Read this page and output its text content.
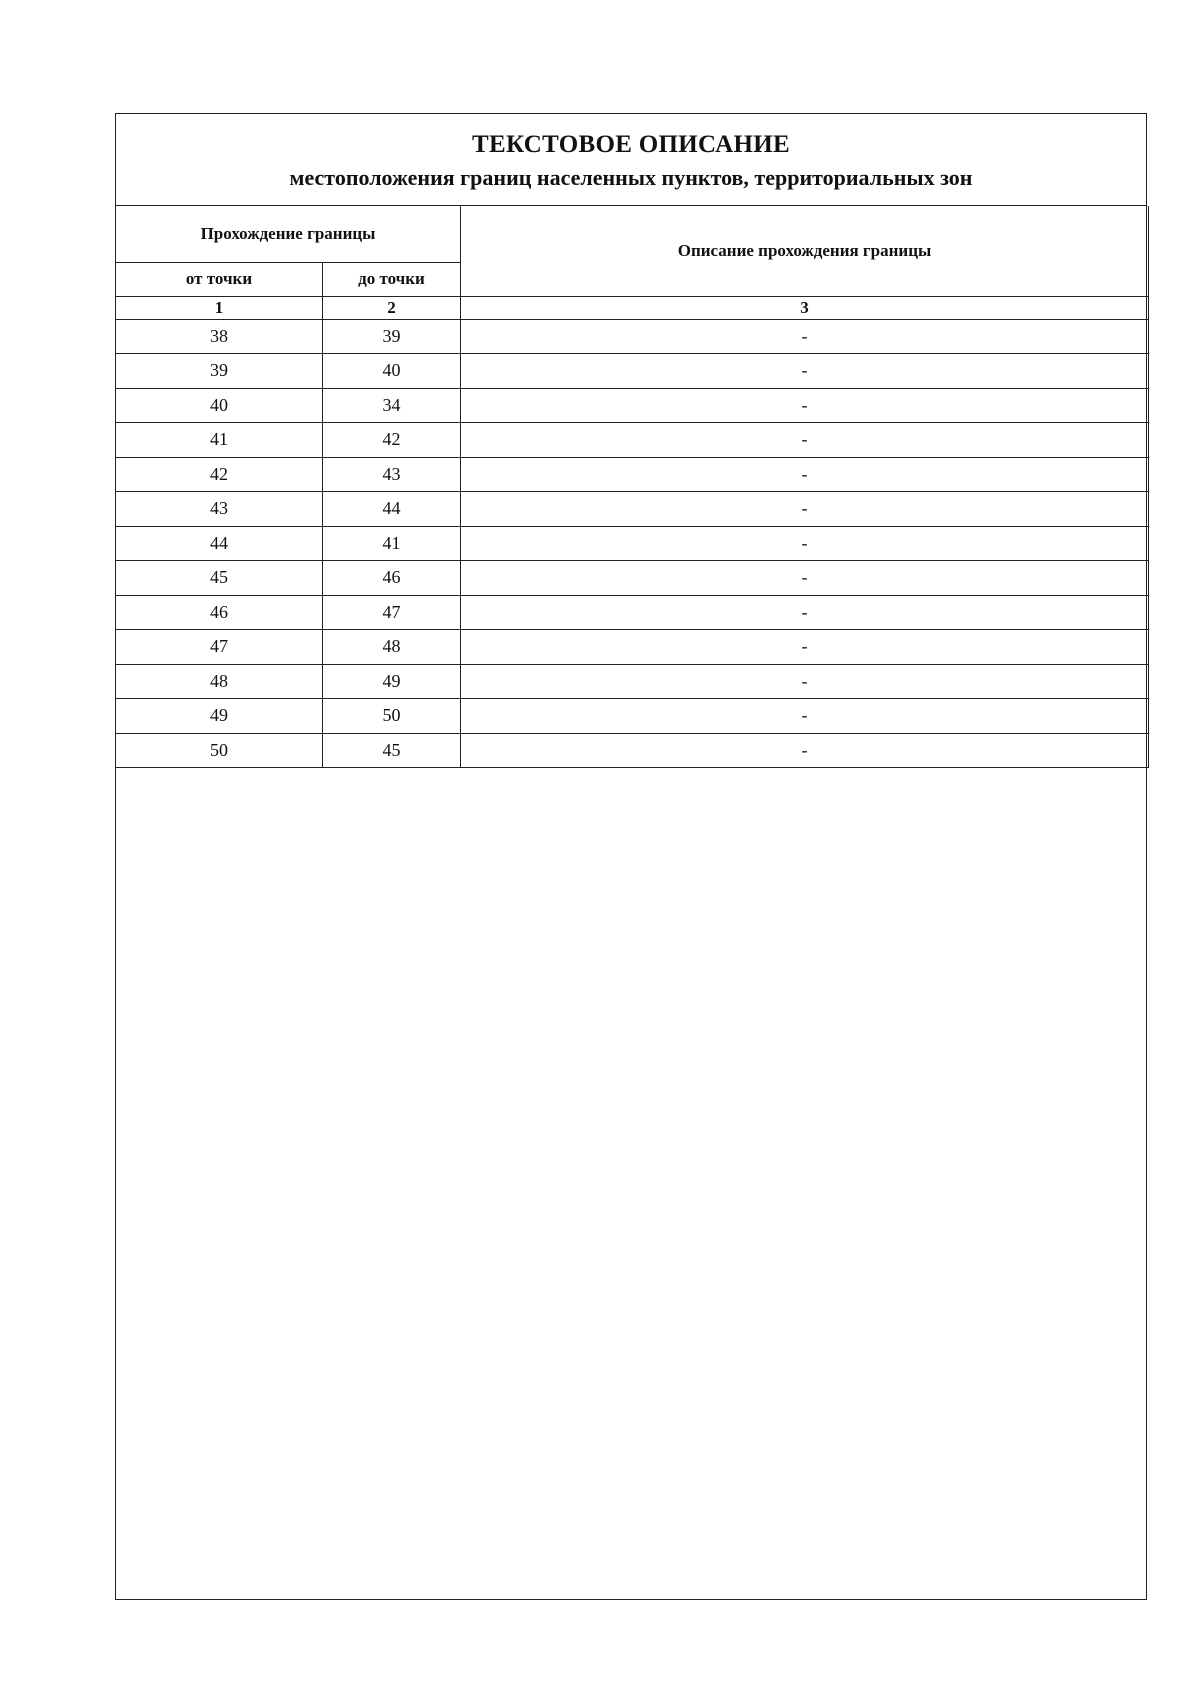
ТЕКСТОВОЕ ОПИСАНИЕ
местоположения границ населенных пунктов, территориальных зон
Прохождение границы		Описание прохождения границы
от точки	до точки	
1	2	3
38	39	-
39	40	-
40	34	-
41	42	-
42	43	-
43	44	-
44	41	-
45	46	-
46	47	-
47	48	-
48	49	-
49	50	-
50	45	-
